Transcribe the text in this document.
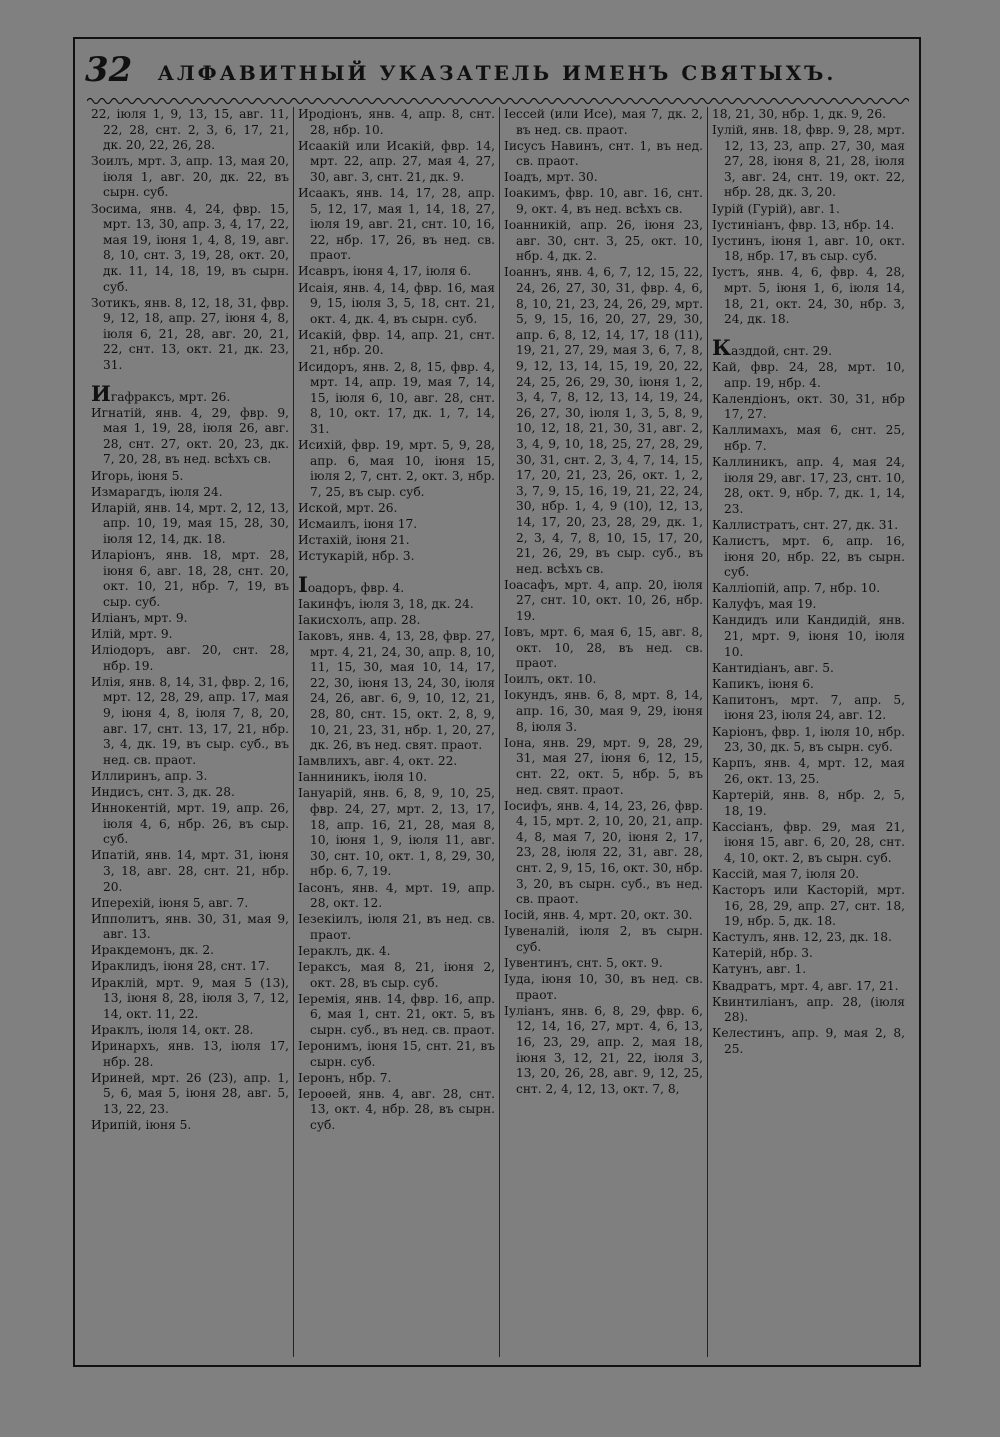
32	АЛФАВИТНЫЙ УКАЗАТЕЛЬ ИМЕНЪ СВЯТЫХЪ.

22, іюля 1, 9, 13, 15, авг. 11, 22, 28, снт. 2, 3, 6, 17, 21, дк. 20, 22, 26, 28.

Зоилъ, мрт. 3, апр. 13, мая 20, іюля 1, авг. 20, дк. 22, въ сырн. суб.

Зосима, янв. 4, 24, фвр. 15, мрт. 13, 30, апр. 3, 4, 17, 22, мая 19, іюня 1, 4, 8, 19, авг. 8, 10, снт. 3, 19, 28, окт. 20, дк. 11, 14, 18, 19, въ сырн. суб.

Зотикъ, янв. 8, 12, 18, 31, фвр. 9, 12, 18, апр. 27, іюня 4, 8, іюля 6, 21, 28, авг. 20, 21, 22, снт. 13, окт. 21, дк. 23, 31.

Игафраксъ, мрт. 26.

Игнатій, янв. 4, 29, фвр. 9, мая 1, 19, 28, іюля 26, авг. 28, снт. 27, окт. 20, 23, дк. 7, 20, 28, въ нед. всѣхъ св.

Игорь, іюня 5.

Измарагдъ, іюля 24.

Иларій, янв. 14, мрт. 2, 12, 13, апр. 10, 19, мая 15, 28, 30, іюля 12, 14, дк. 18.

Иларіонъ, янв. 18, мрт. 28, іюня 6, авг. 18, 28, снт. 20, окт. 10, 21, нбр. 7, 19, въ сыр. суб.

Иліанъ, мрт. 9.

Илій, мрт. 9.

Иліодоръ, авг. 20, снт. 28, нбр. 19.

Илія, янв. 8, 14, 31, фвр. 2, 16, мрт. 12, 28, 29, апр. 17, мая 9, іюня 4, 8, іюля 7, 8, 20, авг. 17, снт. 13, 17, 21, нбр. 3, 4, дк. 19, въ сыр. суб., въ нед. св. праот.

Иллиринъ, апр. 3.

Индисъ, снт. 3, дк. 28.

Иннокентій, мрт. 19, апр. 26, іюля 4, 6, нбр. 26, въ сыр. суб.

Ипатій, янв. 14, мрт. 31, іюня 3, 18, авг. 28, снт. 21, нбр. 20.

Иперехій, іюня 5, авг. 7.

Ипполитъ, янв. 30, 31, мая 9, авг. 13.

Иракдемонъ, дк. 2.

Ираклидъ, іюня 28, снт. 17.

Ираклій, мрт. 9, мая 5 (13), 13, іюня 8, 28, іюля 3, 7, 12, 14, окт. 11, 22.

Ираклъ, іюля 14, окт. 28.

Иринархъ, янв. 13, іюля 17, нбр. 28.

Ириней, мрт. 26 (23), апр. 1, 5, 6, мая 5, іюня 28, авг. 5, 13, 22, 23.

Ирипій, іюня 5.

Иродіонъ, янв. 4, апр. 8, снт. 28, нбр. 10.

Исаакій или Исакій, фвр. 14, мрт. 22, апр. 27, мая 4, 27, 30, авг. 3, снт. 21, дк. 9.

Исаакъ, янв. 14, 17, 28, апр. 5, 12, 17, мая 1, 14, 18, 27, іюля 19, авг. 21, снт. 10, 16, 22, нбр. 17, 26, въ нед. св. праот.

Исавръ, іюня 4, 17, іюля 6.

Исаія, янв. 4, 14, фвр. 16, мая 9, 15, іюля 3, 5, 18, снт. 21, окт. 4, дк. 4, въ сырн. суб.

Исакій, фвр. 14, апр. 21, снт. 21, нбр. 20.

Исидоръ, янв. 2, 8, 15, фвр. 4, мрт. 14, апр. 19, мая 7, 14, 15, іюля 6, 10, авг. 28, снт. 8, 10, окт. 17, дк. 1, 7, 14, 31.

Исихій, фвр. 19, мрт. 5, 9, 28, апр. 6, мая 10, іюня 15, іюля 2, 7, снт. 2, окт. 3, нбр. 7, 25, въ сыр. суб.

Иской, мрт. 26.

Исмаилъ, іюня 17.

Истахій, іюня 21.

Истукарій, нбр. 3.

Іоадоръ, фвр. 4.

Іакинфъ, іюля 3, 18, дк. 24.

Іакисхолъ, апр. 28.

Іаковъ, янв. 4, 13, 28, фвр. 27, мрт. 4, 21, 24, 30, апр. 8, 10, 11, 15, 30, мая 10, 14, 17, 22, 30, іюня 13, 24, 30, іюля 24, 26, авг. 6, 9, 10, 12, 21, 28, 80, снт. 15, окт. 2, 8, 9, 10, 21, 23, 31, нбр. 1, 20, 27, дк. 26, въ нед. свят. праот.

Іамвлихъ, авг. 4, окт. 22.

Іанниникъ, іюля 10.

Іануарій, янв. 6, 8, 9, 10, 25, фвр. 24, 27, мрт. 2, 13, 17, 18, апр. 16, 21, 28, мая 8, 10, іюня 1, 9, іюля 11, авг. 30, снт. 10, окт. 1, 8, 29, 30, нбр. 6, 7, 19.

Іасонъ, янв. 4, мрт. 19, апр. 28, окт. 12.

Іезекіилъ, іюля 21, въ нед. св. праот.

Іераклъ, дк. 4.

Іераксъ, мая 8, 21, іюня 2, окт. 28, въ сыр. суб.

Іеремія, янв. 14, фвр. 16, апр. 6, мая 1, снт. 21, окт. 5, въ сырн. суб., въ нед. св. праот.

Іеронимъ, іюня 15, снт. 21, въ сырн. суб.

Іеронъ, нбр. 7.

Іероѳей, янв. 4, авг. 28, снт. 13, окт. 4, нбр. 28, въ сырн. суб.

Іессей (или Исе), мая 7, дк. 2, въ нед. св. праот.

Іисусъ Навинъ, снт. 1, въ нед. св. праот.

Іоадъ, мрт. 30.

Іоакимъ, фвр. 10, авг. 16, снт. 9, окт. 4, въ нед. всѣхъ св.

Іоанникій, апр. 26, іюня 23, авг. 30, снт. 3, 25, окт. 10, нбр. 4, дк. 2.

Іоаннъ, янв. 4, 6, 7, 12, 15, 22, 24, 26, 27, 30, 31, фвр. 4, 6, 8, 10, 21, 23, 24, 26, 29, мрт. 5, 9, 15, 16, 20, 27, 29, 30, апр. 6, 8, 12, 14, 17, 18 (11), 19, 21, 27, 29, мая 3, 6, 7, 8, 9, 12, 13, 14, 15, 19, 20, 22, 24, 25, 26, 29, 30, іюня 1, 2, 3, 4, 7, 8, 12, 13, 14, 19, 24, 26, 27, 30, іюля 1, 3, 5, 8, 9, 10, 12, 18, 21, 30, 31, авг. 2, 3, 4, 9, 10, 18, 25, 27, 28, 29, 30, 31, снт. 2, 3, 4, 7, 14, 15, 17, 20, 21, 23, 26, окт. 1, 2, 3, 7, 9, 15, 16, 19, 21, 22, 24, 30, нбр. 1, 4, 9 (10), 12, 13, 14, 17, 20, 23, 28, 29, дк. 1, 2, 3, 4, 7, 8, 10, 15, 17, 20, 21, 26, 29, въ сыр. суб., въ нед. всѣхъ св.

Іоасафъ, мрт. 4, апр. 20, іюля 27, снт. 10, окт. 10, 26, нбр. 19.

Іовъ, мрт. 6, мая 6, 15, авг. 8, окт. 10, 28, въ нед. св. праот.

Іоилъ, окт. 10.

Іокундъ, янв. 6, 8, мрт. 8, 14, апр. 16, 30, мая 9, 29, іюня 8, іюля 3.

Іона, янв. 29, мрт. 9, 28, 29, 31, мая 27, іюня 6, 12, 15, снт. 22, окт. 5, нбр. 5, въ нед. свят. праот.

Іосифъ, янв. 4, 14, 23, 26, фвр. 4, 15, мрт. 2, 10, 20, 21, апр. 4, 8, мая 7, 20, іюня 2, 17, 23, 28, іюля 22, 31, авг. 28, снт. 2, 9, 15, 16, окт. 30, нбр. 3, 20, въ сырн. суб., въ нед. св. праот.

Іосій, янв. 4, мрт. 20, окт. 30.

Іувеналій, іюля 2, въ сырн. суб.

Іувентинъ, снт. 5, окт. 9.

Іуда, іюня 10, 30, въ нед. св. праот.

Іуліанъ, янв. 6, 8, 29, фвр. 6, 12, 14, 16, 27, мрт. 4, 6, 13, 16, 23, 29, апр. 2, мая 18, іюня 3, 12, 21, 22, іюля 3, 13, 20, 26, 28, авг. 9, 12, 25, снт. 2, 4, 12, 13, окт. 7, 8,

18, 21, 30, нбр. 1, дк. 9, 26.

Іулій, янв. 18, фвр. 9, 28, мрт. 12, 13, 23, апр. 27, 30, мая 27, 28, іюня 8, 21, 28, іюля 3, авг. 24, снт. 19, окт. 22, нбр. 28, дк. 3, 20.

Іурій (Гурій), авг. 1.

Іустиніанъ, фвр. 13, нбр. 14.

Іустинъ, іюня 1, авг. 10, окт. 18, нбр. 17, въ сыр. суб.

Іустъ, янв. 4, 6, фвр. 4, 28, мрт. 5, іюня 1, 6, іюля 14, 18, 21, окт. 24, 30, нбр. 3, 24, дк. 18.

Казддой, снт. 29.

Кай, фвр. 24, 28, мрт. 10, апр. 19, нбр. 4.

Календіонъ, окт. 30, 31, нбр 17, 27.

Каллимахъ, мая 6, снт. 25, нбр. 7.

Каллиникъ, апр. 4, мая 24, іюля 29, авг. 17, 23, снт. 10, 28, окт. 9, нбр. 7, дк. 1, 14, 23.

Каллистратъ, снт. 27, дк. 31.

Калистъ, мрт. 6, апр. 16, іюня 20, нбр. 22, въ сырн. суб.

Калліопій, апр. 7, нбр. 10.

Калуфъ, мая 19.

Кандидъ или Кандидій, янв. 21, мрт. 9, іюня 10, іюля 10.

Кантидіанъ, авг. 5.

Капикъ, іюня 6.

Капитонъ, мрт. 7, апр. 5, іюня 23, іюля 24, авг. 12.

Каріонъ, фвр. 1, іюля 10, нбр. 23, 30, дк. 5, въ сырн. суб.

Карпъ, янв. 4, мрт. 12, мая 26, окт. 13, 25.

Картерій, янв. 8, нбр. 2, 5, 18, 19.

Кассіанъ, фвр. 29, мая 21, іюня 15, авг. 6, 20, 28, снт. 4, 10, окт. 2, въ сырн. суб.

Кассій, мая 7, іюля 20.

Касторъ или Касторій, мрт. 16, 28, 29, апр. 27, снт. 18, 19, нбр. 5, дк. 18.

Кастулъ, янв. 12, 23, дк. 18.

Катерій, нбр. 3.

Катунъ, авг. 1.

Квадратъ, мрт. 4, авг. 17, 21.

Квинтиліанъ, апр. 28, (іюля 28).

Келестинъ, апр. 9, мая 2, 8, 25.
